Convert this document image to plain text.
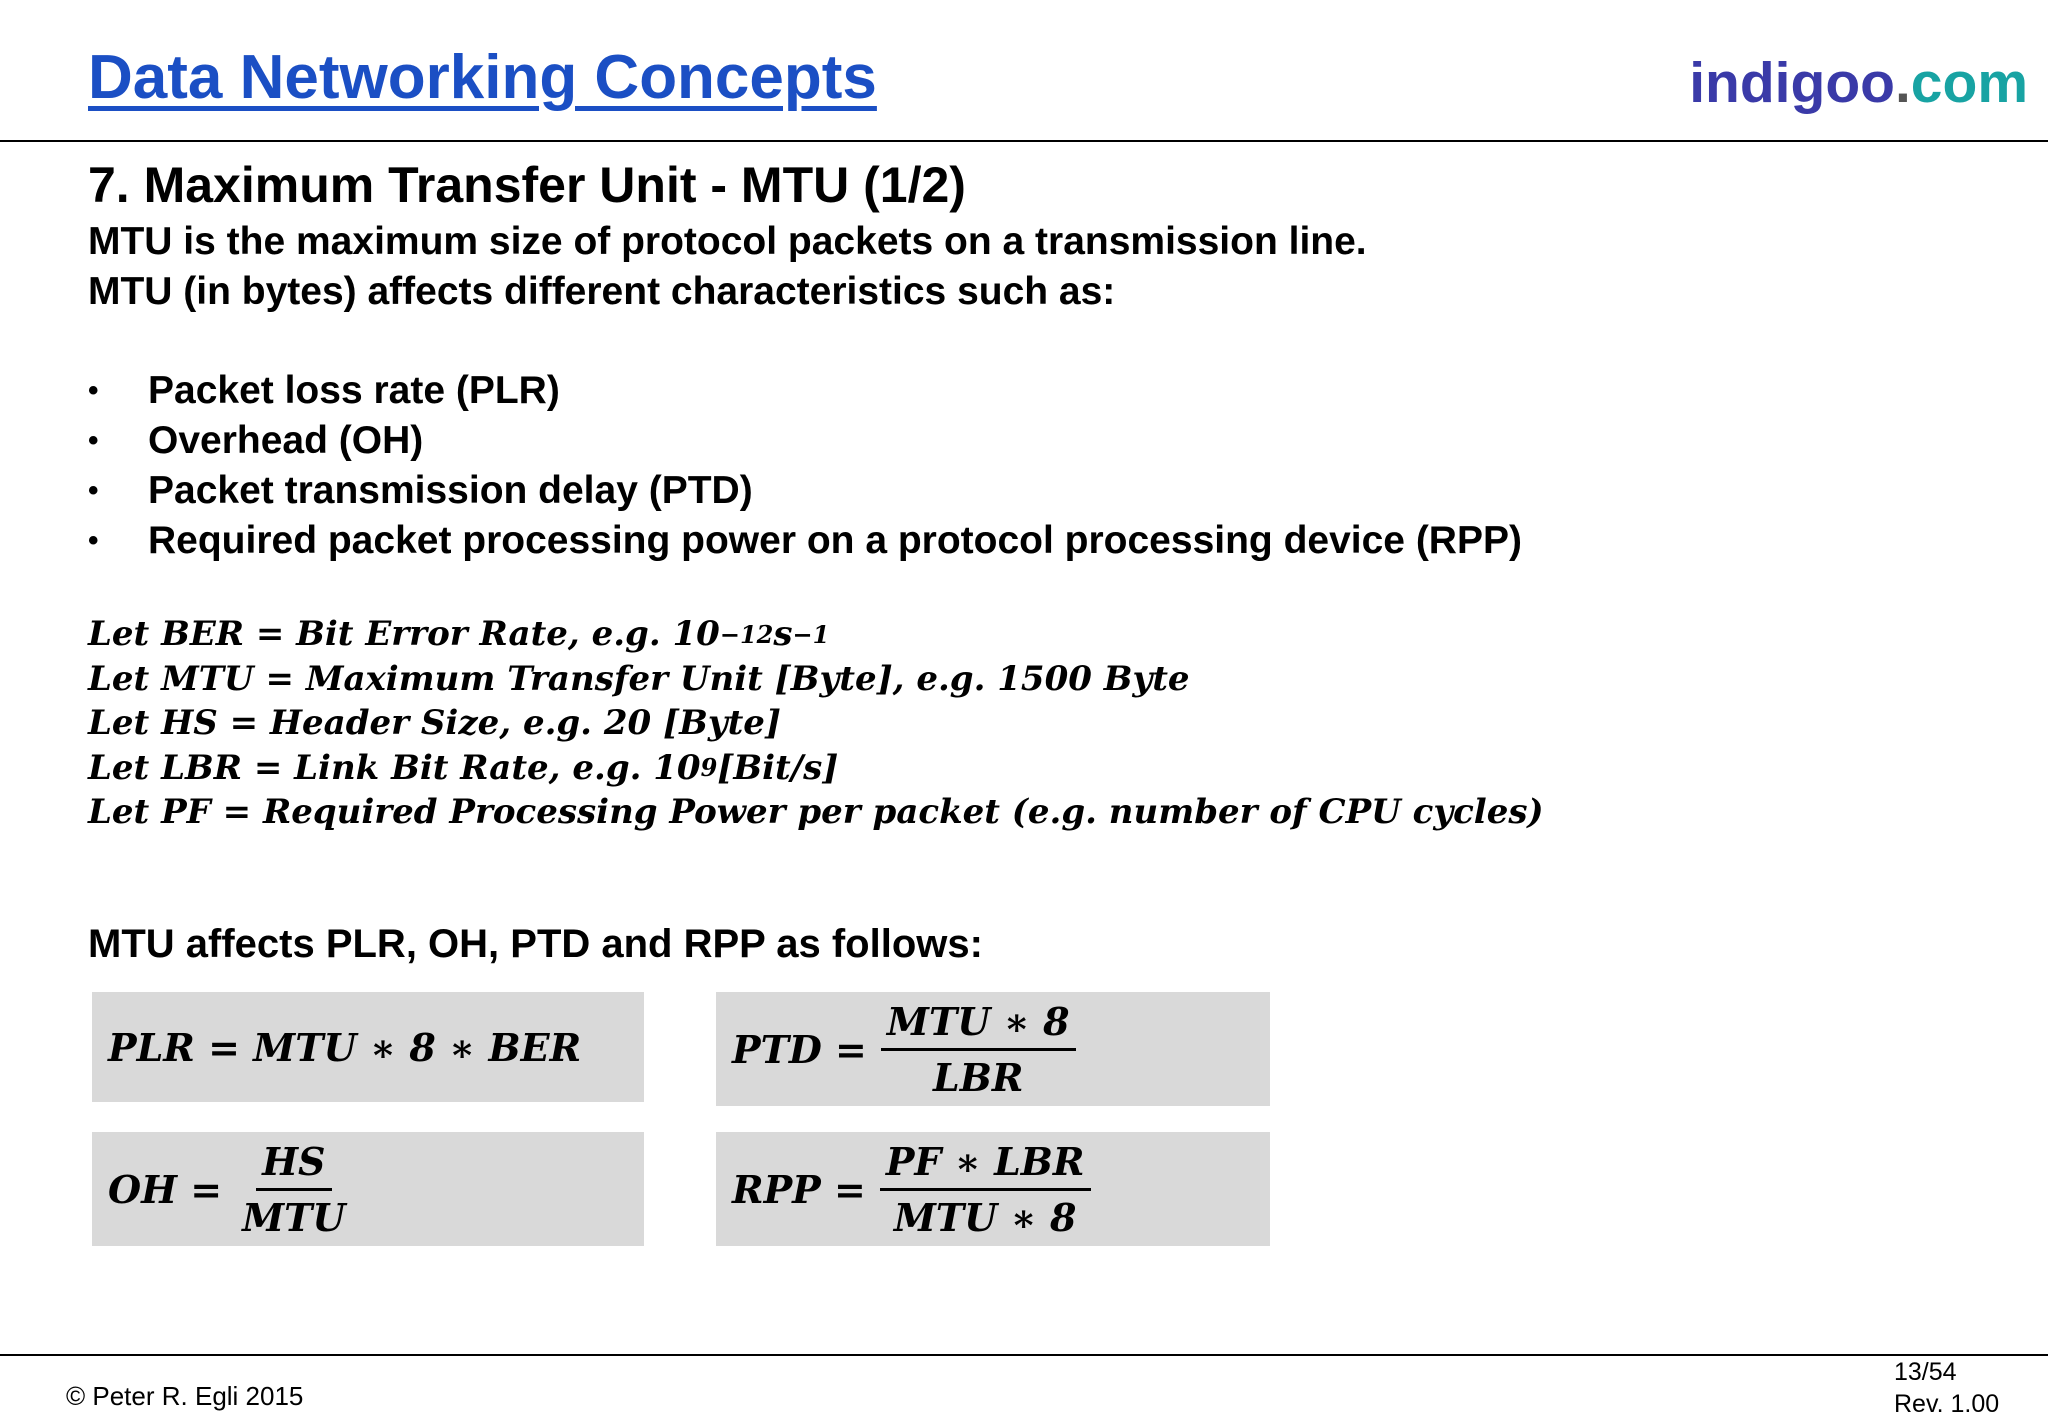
Data Networking Concepts	indigoo.com
7. Maximum Transfer Unit - MTU (1/2)
MTU is the maximum size of protocol packets on a transmission line.
MTU (in bytes) affects different characteristics such as:
•	Packet loss rate (PLR)
•	Overhead (OH)
•	Packet transmission delay (PTD)
•	Required packet processing power on a protocol processing device (RPP)
Let BER = Bit Error Rate, e.g. 10 −12 s −1
Let MTU = Maximum Transfer Unit [Byte], e.g. 1500 Byte
Let HS = Header Size, e.g. 20 [Byte]
Let LBR = Link Bit Rate, e.g. 10 9 [Bit/s]
Let PF = Required Processing Power per packet (e.g. number of CPU cycles)
MTU affects PLR, OH, PTD and RPP as follows:
PLR = MTU ∗ 8 ∗ BER	PTD = $\frac{\text{MTU ∗ 8}}{\text{LBR}}$
OH = $\frac{HS}{\text{MTU}}$	RPP = $\frac{\text{PF ∗ LBR}}{\text{MTU ∗ 8}}$
© Peter R. Egli 2015
13/54
Rev. 1.00
